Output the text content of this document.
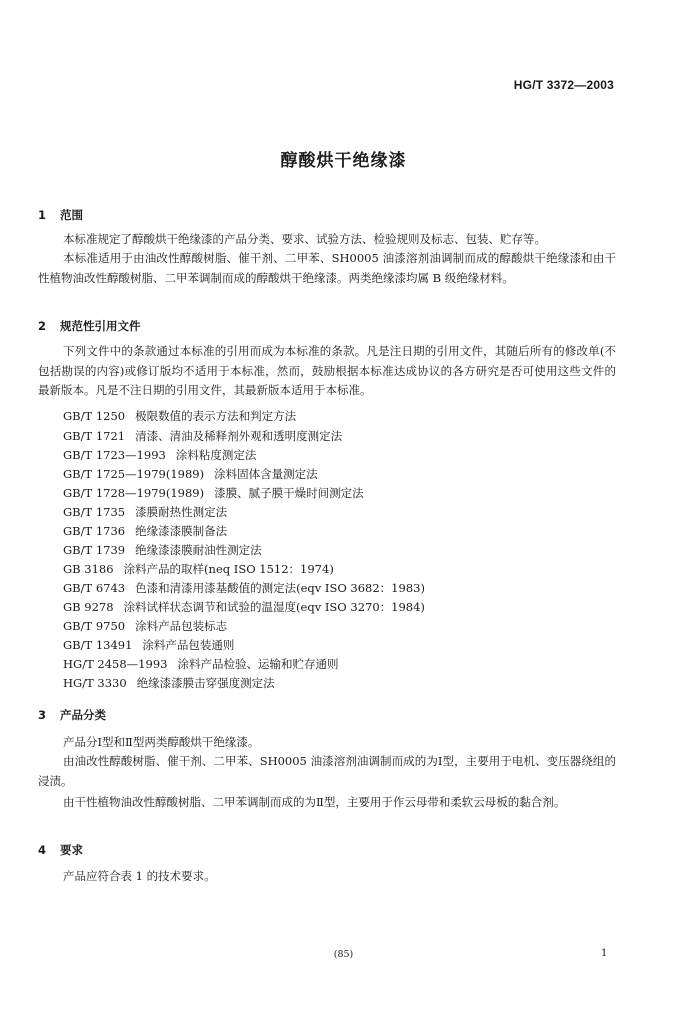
HG/T 3372—2003
醇酸烘干绝缘漆
1 范围
本标准规定了醇酸烘干绝缘漆的产品分类、要求、试验方法、检验规则及标志、包装、贮存等。
本标准适用于由油改性醇酸树脂、催干剂、二甲苯、SH0005 油漆溶剂油调制而成的醇酸烘干绝缘漆和由干性植物油改性醇酸树脂、二甲苯调制而成的醇酸烘干绝缘漆。两类绝缘漆均属 B 级绝缘材料。
2 规范性引用文件
下列文件中的条款通过本标准的引用而成为本标准的条款。凡是注日期的引用文件，其随后所有的修改单(不包括勘误的内容)或修订版均不适用于本标准，然而，鼓励根据本标准达成协议的各方研究是否可使用这些文件的最新版本。凡是不注日期的引用文件，其最新版本适用于本标准。
GB/T 1250 极限数值的表示方法和判定方法
GB/T 1721 清漆、清油及稀释剂外观和透明度测定法
GB/T 1723—1993 涂料粘度测定法
GB/T 1725—1979(1989) 涂料固体含量测定法
GB/T 1728—1979(1989) 漆膜、腻子膜干燥时间测定法
GB/T 1735 漆膜耐热性测定法
GB/T 1736 绝缘漆漆膜制备法
GB/T 1739 绝缘漆漆膜耐油性测定法
GB 3186 涂料产品的取样(neq ISO 1512：1974)
GB/T 6743 色漆和清漆用漆基酸值的测定法(eqv ISO 3682：1983)
GB 9278 涂料试样状态调节和试验的温湿度(eqv ISO 3270：1984)
GB/T 9750 涂料产品包装标志
GB/T 13491 涂料产品包装通则
HG/T 2458—1993 涂料产品检验、运输和贮存通则
HG/T 3330 绝缘漆漆膜击穿强度测定法
3 产品分类
产品分Ⅰ型和Ⅱ型两类醇酸烘干绝缘漆。
由油改性醇酸树脂、催干剂、二甲苯、SH0005 油漆溶剂油调制而成的为Ⅰ型，主要用于电机、变压器绕组的浸渍。
由干性植物油改性醇酸树脂、二甲苯调制而成的为Ⅱ型，主要用于作云母带和柔软云母板的黏合剂。
4 要求
产品应符合表 1 的技术要求。
(85)	1
